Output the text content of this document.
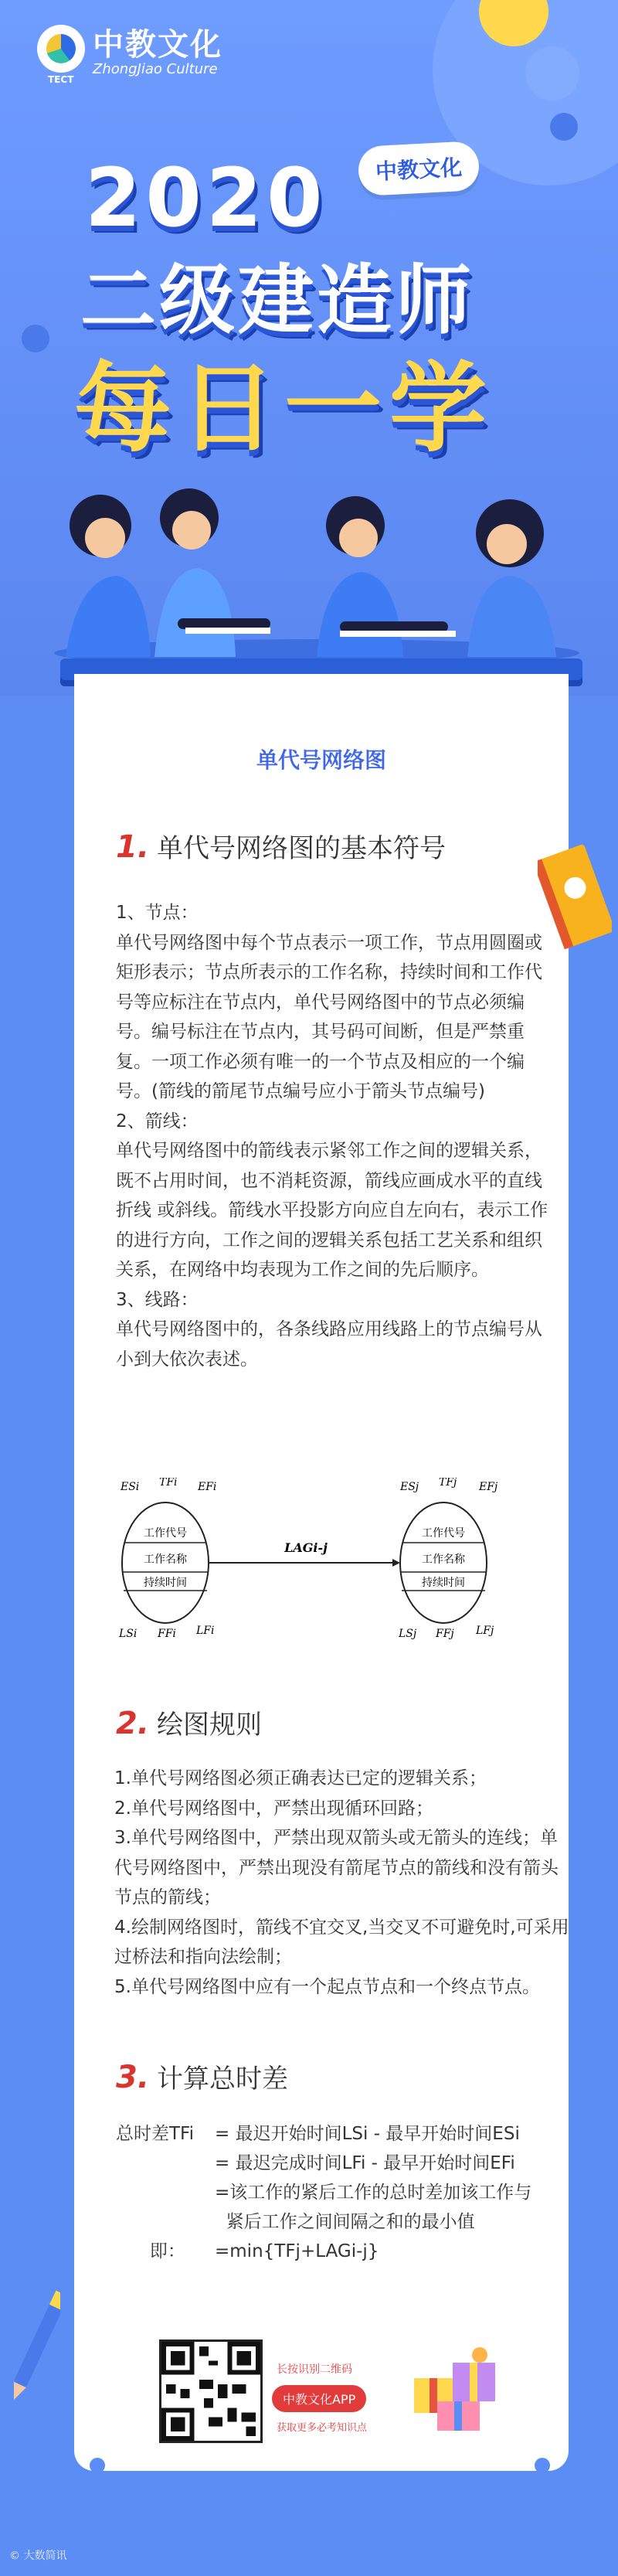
中教文化
ZhongJiao Culture
TECT
2020	中教文化
二级建造师
每日一学
单代号网络图
1. 单代号网络图的基本符号
1、节点：
单代号网络图中每个节点表示一项工作，节点用圆圈或矩形表示；节点所表示的工作名称，持续时间和工作代号等应标注在节点内，单代号网络图中的节点必须编号。编号标注在节点内，其号码可间断，但是严禁重复。一项工作必须有唯一的一个节点及相应的一个编号。(箭线的箭尾节点编号应小于箭头节点编号)
2、箭线：
单代号网络图中的箭线表示紧邻工作之间的逻辑关系，既不占用时间，也不消耗资源，箭线应画成水平的直线 折线 或斜线。箭线水平投影方向应自左向右，表示工作的进行方向，工作之间的逻辑关系包括工艺关系和组织关系，在网络中均表现为工作之间的先后顺序。
3、线路：
单代号网络图中的，各条线路应用线路上的节点编号从小到大依次表述。
工作代号
工作名称
持续时间
ESi TFi EFi
LSi FFi LFi
LAGi-j
工作代号
工作名称
持续时间
ESj TFj EFj
LSj FFj LFj
2. 绘图规则
1.单代号网络图必须正确表达已定的逻辑关系；
2.单代号网络图中，严禁出现循环回路；
3.单代号网络图中，严禁出现双箭头或无箭头的连线；单代号网络图中，严禁出现没有箭尾节点的箭线和没有箭头节点的箭线；
4.绘制网络图时，箭线不宜交叉,当交叉不可避免时,可采用过桥法和指向法绘制；
5.单代号网络图中应有一个起点节点和一个终点节点。
3. 计算总时差
总时差TFi	= 最迟开始时间LSi - 最早开始时间ESi
= 最迟完成时间LFi - 最早开始时间EFi
=该工作的紧后工作的总时差加该工作与
紧后工作之间间隔之和的最小值
即：	=min{TFj+LAGi-j}
长按识别二维码
中教文化APP
获取更多必考知识点
© 大数简讯
